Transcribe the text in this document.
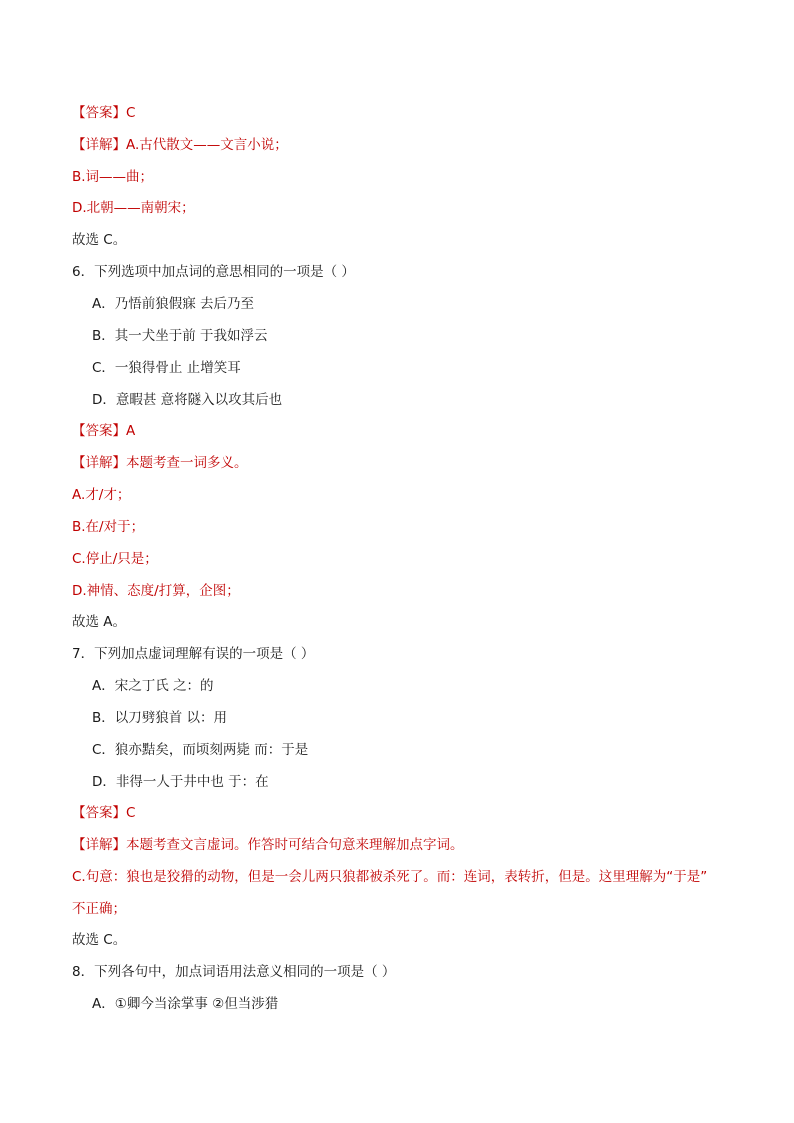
【答案】C
【详解】A.古代散文——文言小说；
B.词——曲；
D.北朝——南朝宋；
故选 C。
6．下列选项中加点词的意思相同的一项是（ ）
A．乃悟前狼假寐 去后乃至
B．其一犬坐于前 于我如浮云
C．一狼得骨止 止增笑耳
D．意暇甚 意将隧入以攻其后也
【答案】A
【详解】本题考查一词多义。
A.才/才；
B.在/对于；
C.停止/只是；
D.神情、态度/打算，企图；
故选 A。
7．下列加点虚词理解有误的一项是（ ）
A．宋之丁氏 之：的
B．以刀劈狼首 以：用
C．狼亦黠矣，而顷刻两毙 而：于是
D．非得一人于井中也 于：在
【答案】C
【详解】本题考查文言虚词。作答时可结合句意来理解加点字词。
C.句意：狼也是狡猾的动物，但是一会儿两只狼都被杀死了。而：连词，表转折，但是。这里理解为“于是”
不正确；
故选 C。
8．下列各句中，加点词语用法意义相同的一项是（ ）
A．①卿今当涂掌事 ②但当涉猎
